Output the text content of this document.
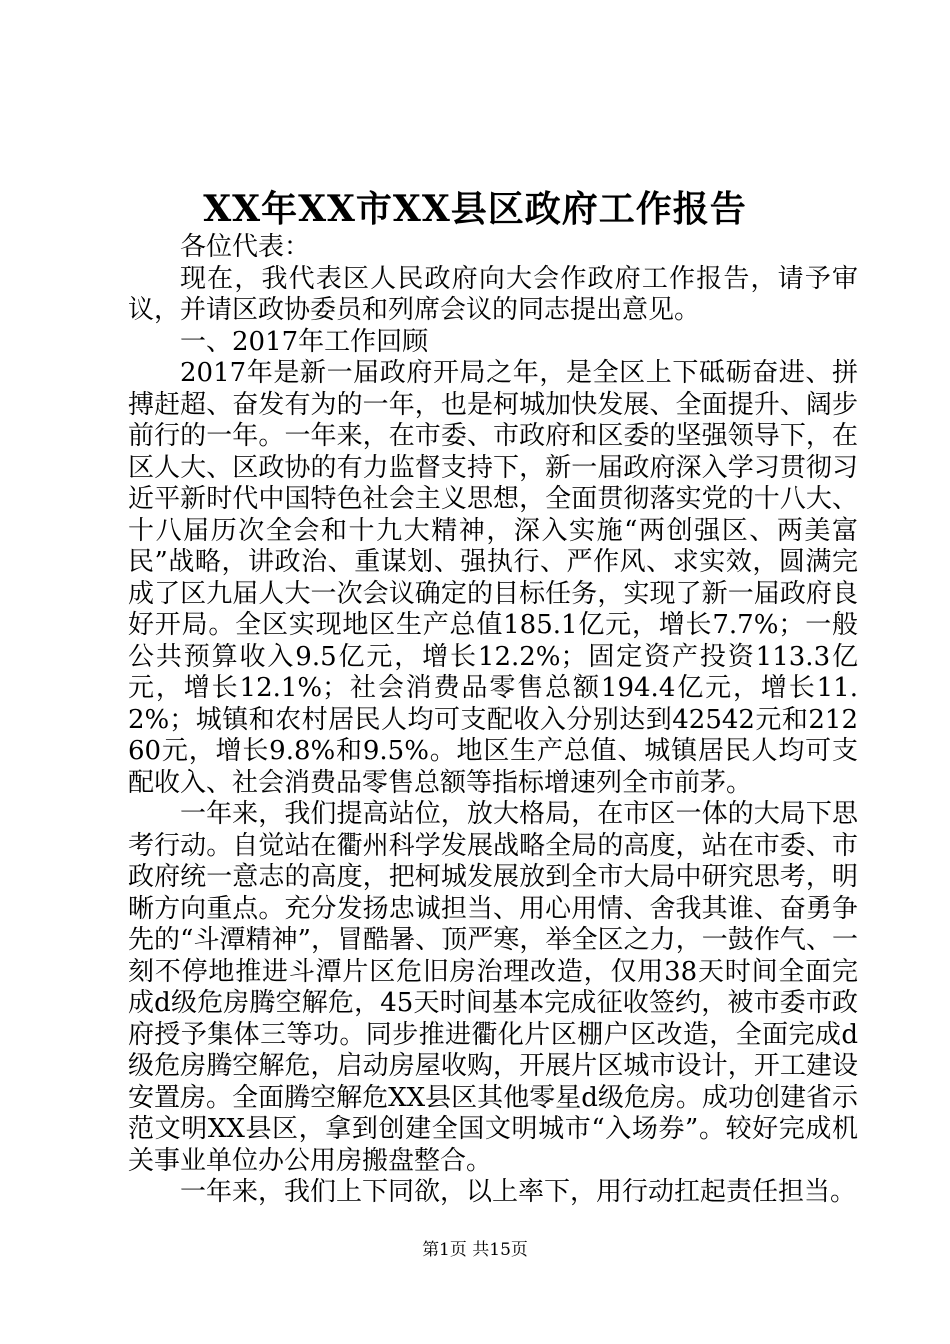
XX年XX市XX县区政府工作报告

各位代表：

现在，我代表区人民政府向大会作政府工作报告，请予审议，并请区政协委员和列席会议的同志提出意见。

一、2017年工作回顾

2017年是新一届政府开局之年，是全区上下砥砺奋进、拼搏赶超、奋发有为的一年，也是柯城加快发展、全面提升、阔步前行的一年。一年来，在市委、市政府和区委的坚强领导下，在区人大、区政协的有力监督支持下，新一届政府深入学习贯彻习近平新时代中国特色社会主义思想，全面贯彻落实党的十八大、十八届历次全会和十九大精神，深入实施“两创强区、两美富民”战略，讲政治、重谋划、强执行、严作风、求实效，圆满完成了区九届人大一次会议确定的目标任务，实现了新一届政府良好开局。全区实现地区生产总值185.1亿元，增长7.7%；一般公共预算收入9.5亿元，增长12.2%；固定资产投资113.3亿元，增长12.1%；社会消费品零售总额194.4亿元，增长11.2%；城镇和农村居民人均可支配收入分别达到42542元和21260元，增长9.8%和9.5%。地区生产总值、城镇居民人均可支配收入、社会消费品零售总额等指标增速列全市前茅。

一年来，我们提高站位，放大格局，在市区一体的大局下思考行动。自觉站在衢州科学发展战略全局的高度，站在市委、市政府统一意志的高度，把柯城发展放到全市大局中研究思考，明晰方向重点。充分发扬忠诚担当、用心用情、舍我其谁、奋勇争先的“斗潭精神”，冒酷暑、顶严寒，举全区之力，一鼓作气、一刻不停地推进斗潭片区危旧房治理改造，仅用38天时间全面完成d级危房腾空解危，45天时间基本完成征收签约，被市委市政府授予集体三等功。同步推进衢化片区棚户区改造，全面完成d级危房腾空解危，启动房屋收购，开展片区城市设计，开工建设安置房。全面腾空解危XX县区其他零星d级危房。成功创建省示范文明XX县区，拿到创建全国文明城市“入场券”。较好完成机关事业单位办公用房搬盘整合。

一年来，我们上下同欲，以上率下，用行动扛起责任担当。

第1页 共15页
